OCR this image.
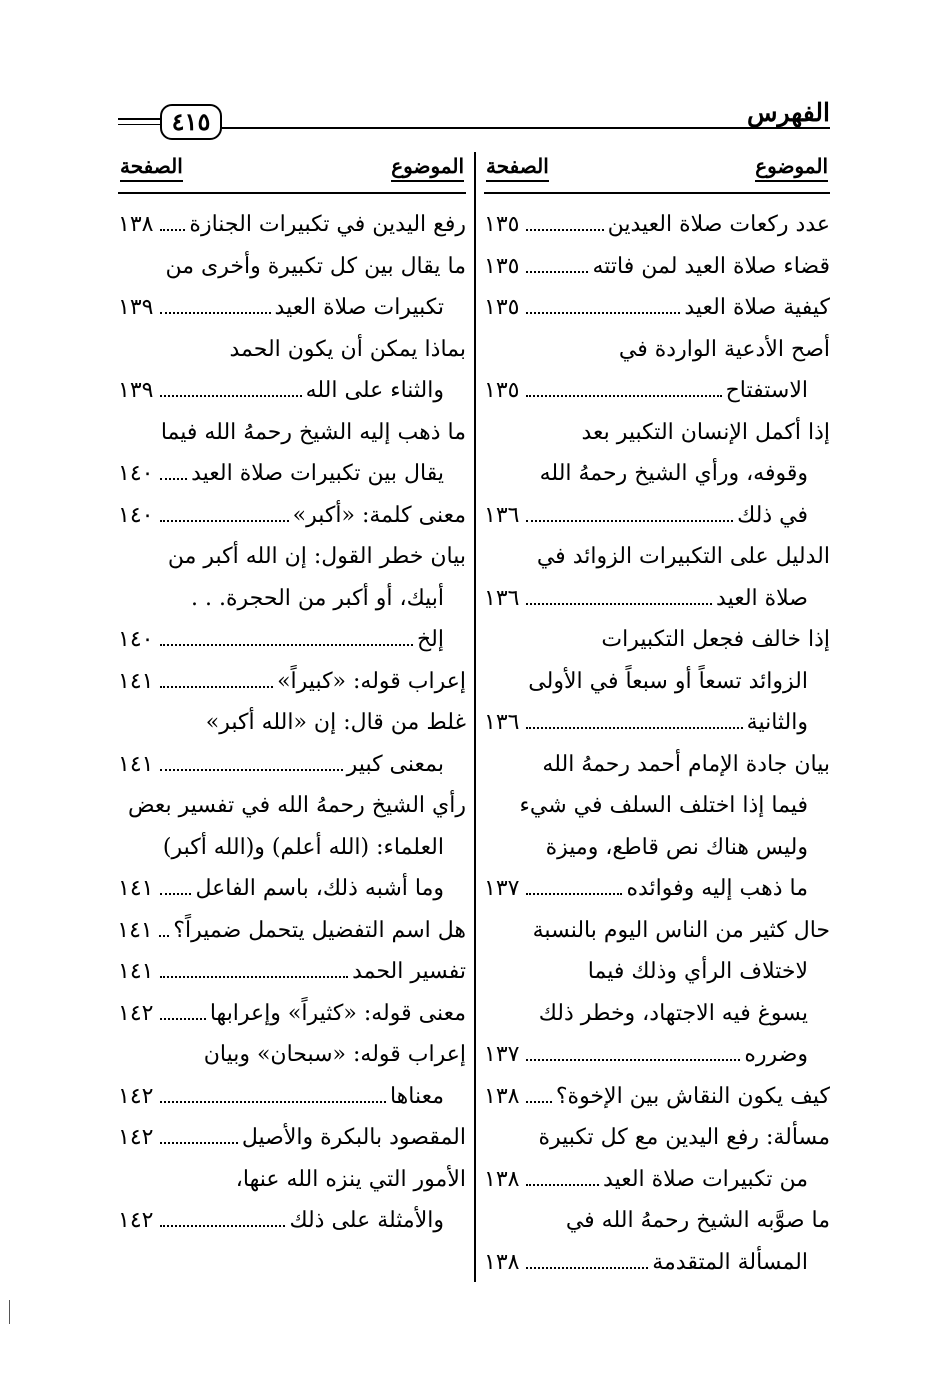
٤١٥	الفهرس
الموضوع
الصفحة
عدد ركعات صلاة العيدين
١٣٥
قضاء صلاة العيد لمن فاتته
١٣٥
كيفية صلاة العيد
١٣٥
أصح الأدعية الواردة في
الاستفتاح
١٣٥
إذا أكمل الإنسان التكبير بعد
وقوفه، ورأي الشيخ رحمهُ الله
في ذلك
١٣٦
الدليل على التكبيرات الزوائد في
صلاة العيد
١٣٦
إذا خالف فجعل التكبيرات
الزوائد تسعاً أو سبعاً في الأولى
والثانية
١٣٦
بيان جادة الإمام أحمد رحمهُ الله
فيما إذا اختلف السلف في شيء
وليس هناك نص قاطع، وميزة
ما ذهب إليه وفوائده
١٣٧
حال كثير من الناس اليوم بالنسبة
لاختلاف الرأي وذلك فيما
يسوغ فيه الاجتهاد، وخطر ذلك
وضرره
١٣٧
كيف يكون النقاش بين الإخوة؟
١٣٨
مسألة: رفع اليدين مع كل تكبيرة
من تكبيرات صلاة العيد
١٣٨
ما صوَّبه الشيخ رحمهُ الله في
المسألة المتقدمة
١٣٨
الموضوع
الصفحة
رفع اليدين في تكبيرات الجنازة
١٣٨
ما يقال بين كل تكبيرة وأخرى من
تكبيرات صلاة العيد
١٣٩
بماذا يمكن أن يكون الحمد
والثناء على الله
١٣٩
ما ذهب إليه الشيخ رحمهُ الله فيما
يقال بين تكبيرات صلاة العيد
١٤٠
معنى كلمة: «أكبر»
١٤٠
بيان خطر القول: إن الله أكبر من
أبيك، أو أكبر من الحجرة. . .
إلخ
١٤٠
إعراب قوله: «كبيراً»
١٤١
غلط من قال: إن «الله أكبر»
بمعنى كبير
١٤١
رأي الشيخ رحمهُ الله في تفسير بعض
العلماء: (الله أعلم) و(الله أكبر)
وما أشبه ذلك، باسم الفاعل
١٤١
هل اسم التفضيل يتحمل ضميراً؟
١٤١
تفسير الحمد
١٤١
معنى قوله: «كثيراً» وإعرابها
١٤٢
إعراب قوله: «سبحان» وبيان
معناها
١٤٢
المقصود بالبكرة والأصيل
١٤٢
الأمور التي ينزه الله عنها،
والأمثلة على ذلك
١٤٢
